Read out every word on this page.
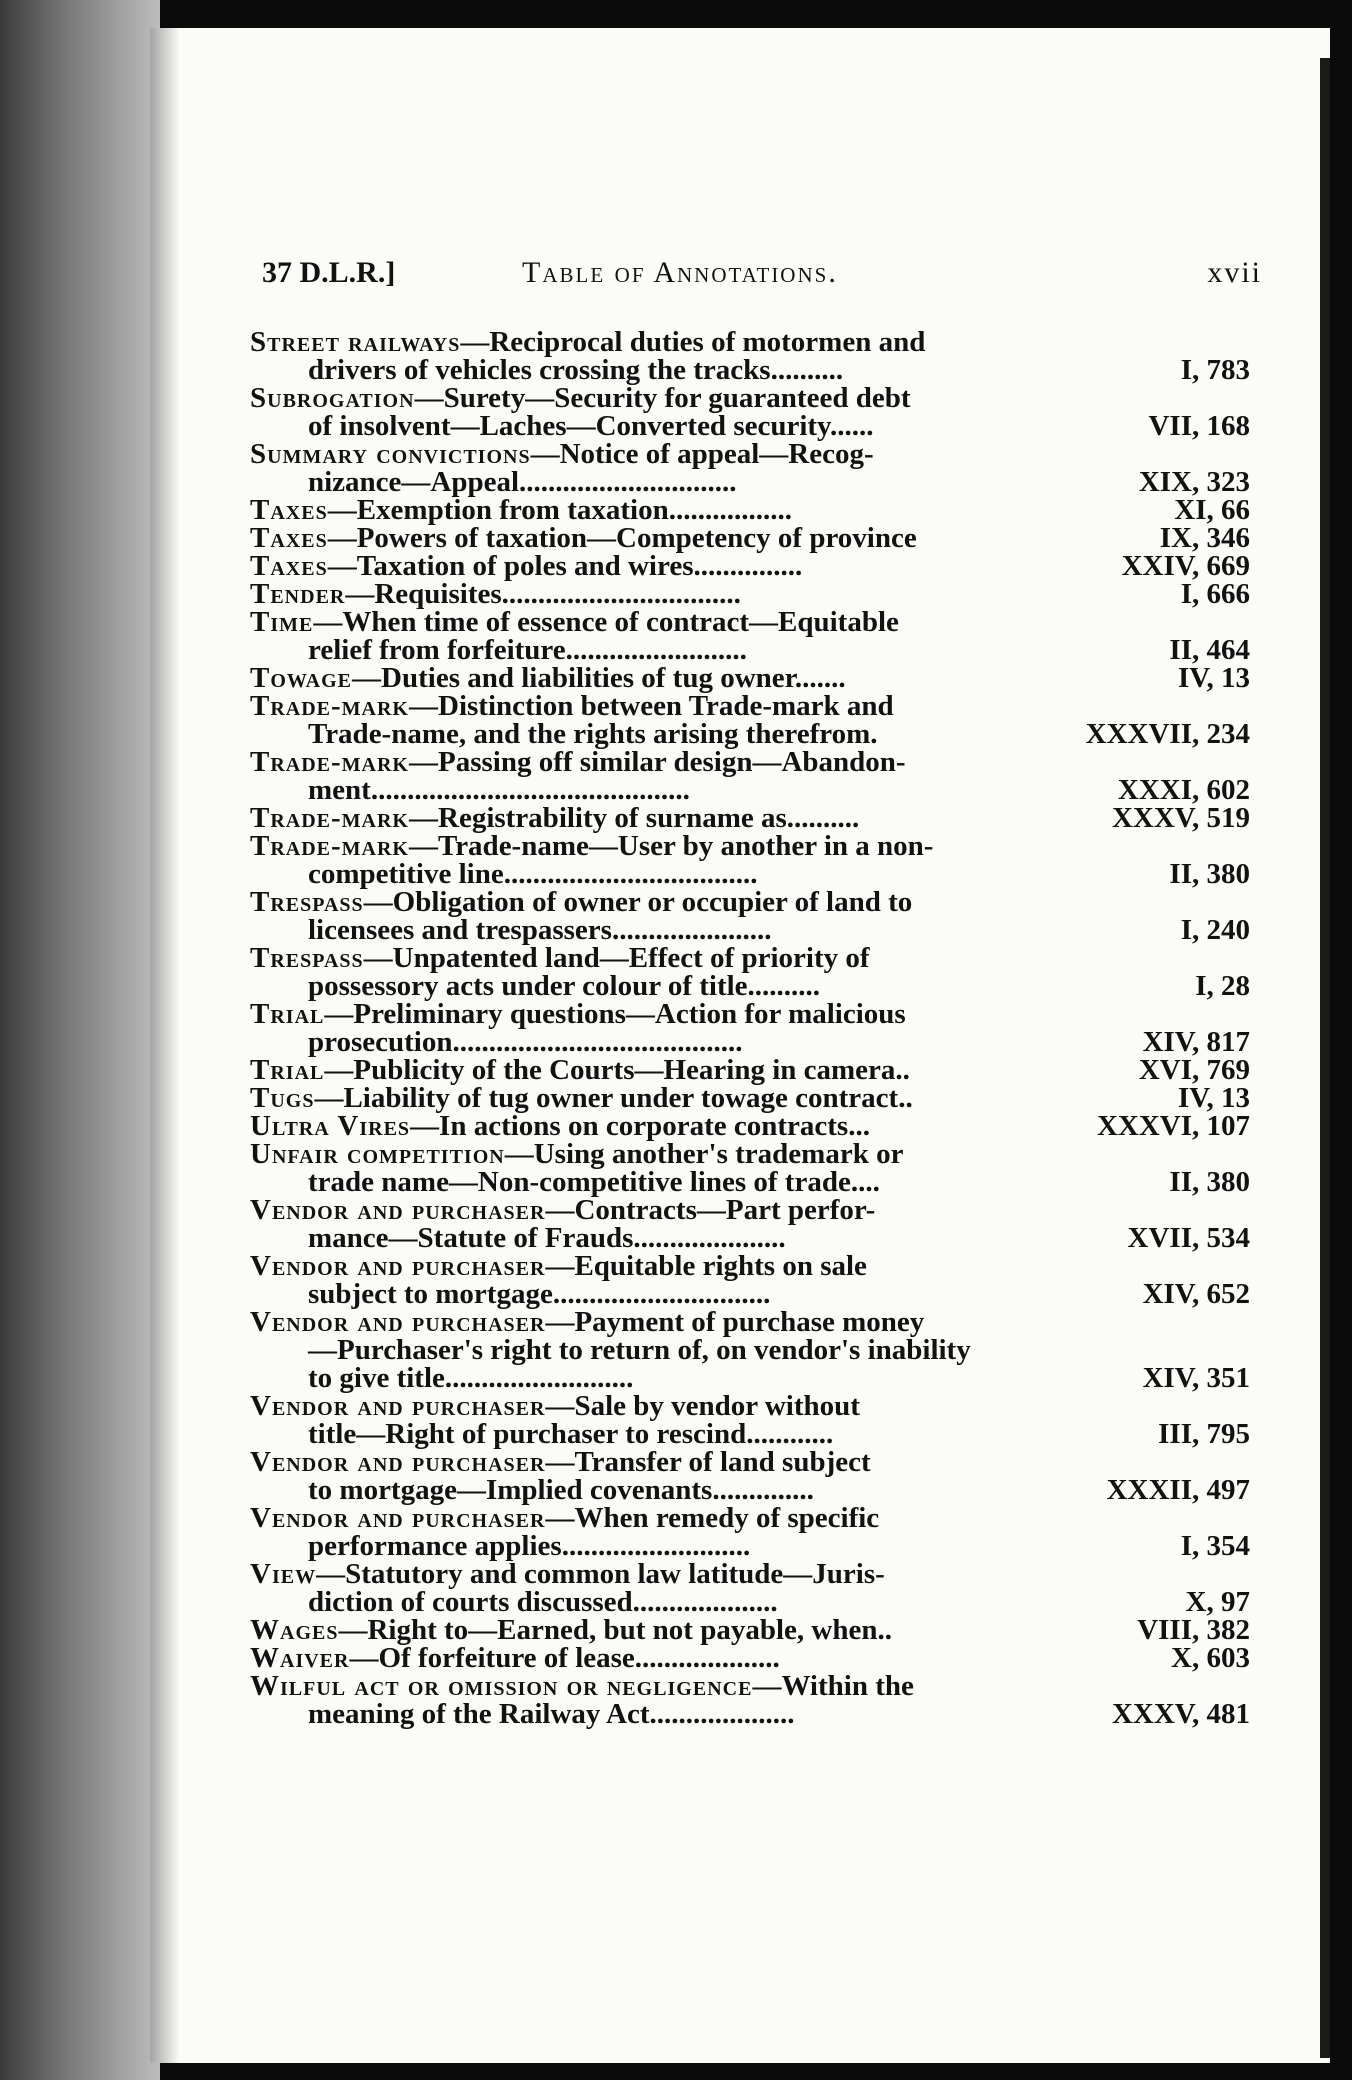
37 D.L.R.]	Table of Annotations.	xvii
Street railways—Reciprocal duties of motormen and
drivers of vehicles crossing the tracks..........	I, 783
Subrogation—Surety—Security for guaranteed debt
of insolvent—Laches—Converted security......	VII, 168
Summary convictions—Notice of appeal—Recog-
nizance—Appeal..............................	XIX, 323
Taxes—Exemption from taxation.................	XI, 66
Taxes—Powers of taxation—Competency of province	IX, 346
Taxes—Taxation of poles and wires...............	XXIV, 669
Tender—Requisites.................................	I, 666
Time—When time of essence of contract—Equitable
relief from forfeiture.........................	II, 464
Towage—Duties and liabilities of tug owner.......	IV, 13
Trade-mark—Distinction between Trade-mark and
Trade-name, and the rights arising therefrom.	XXXVII, 234
Trade-mark—Passing off similar design—Abandon-
ment............................................	XXXI, 602
Trade-mark—Registrability of surname as..........	XXXV, 519
Trade-mark—Trade-name—User by another in a non-
competitive line...................................	II, 380
Trespass—Obligation of owner or occupier of land to
licensees and trespassers......................	I, 240
Trespass—Unpatented land—Effect of priority of
possessory acts under colour of title..........	I, 28
Trial—Preliminary questions—Action for malicious
prosecution........................................	XIV, 817
Trial—Publicity of the Courts—Hearing in camera..	XVI, 769
Tugs—Liability of tug owner under towage contract..	IV, 13
Ultra Vires—In actions on corporate contracts...	XXXVI, 107
Unfair competition—Using another's trademark or
trade name—Non-competitive lines of trade....	II, 380
Vendor and purchaser—Contracts—Part perfor-
mance—Statute of Frauds.....................	XVII, 534
Vendor and purchaser—Equitable rights on sale
subject to mortgage..............................	XIV, 652
Vendor and purchaser—Payment of purchase money
—Purchaser's right to return of, on vendor's inability to give title..........................	XIV, 351
Vendor and purchaser—Sale by vendor without
title—Right of purchaser to rescind............	III, 795
Vendor and purchaser—Transfer of land subject
to mortgage—Implied covenants..............	XXXII, 497
Vendor and purchaser—When remedy of specific
performance applies..........................	I, 354
View—Statutory and common law latitude—Juris-
diction of courts discussed....................	X, 97
Wages—Right to—Earned, but not payable, when..	VIII, 382
Waiver—Of forfeiture of lease....................	X, 603
Wilful act or omission or negligence—Within the
meaning of the Railway Act....................	XXXV, 481
